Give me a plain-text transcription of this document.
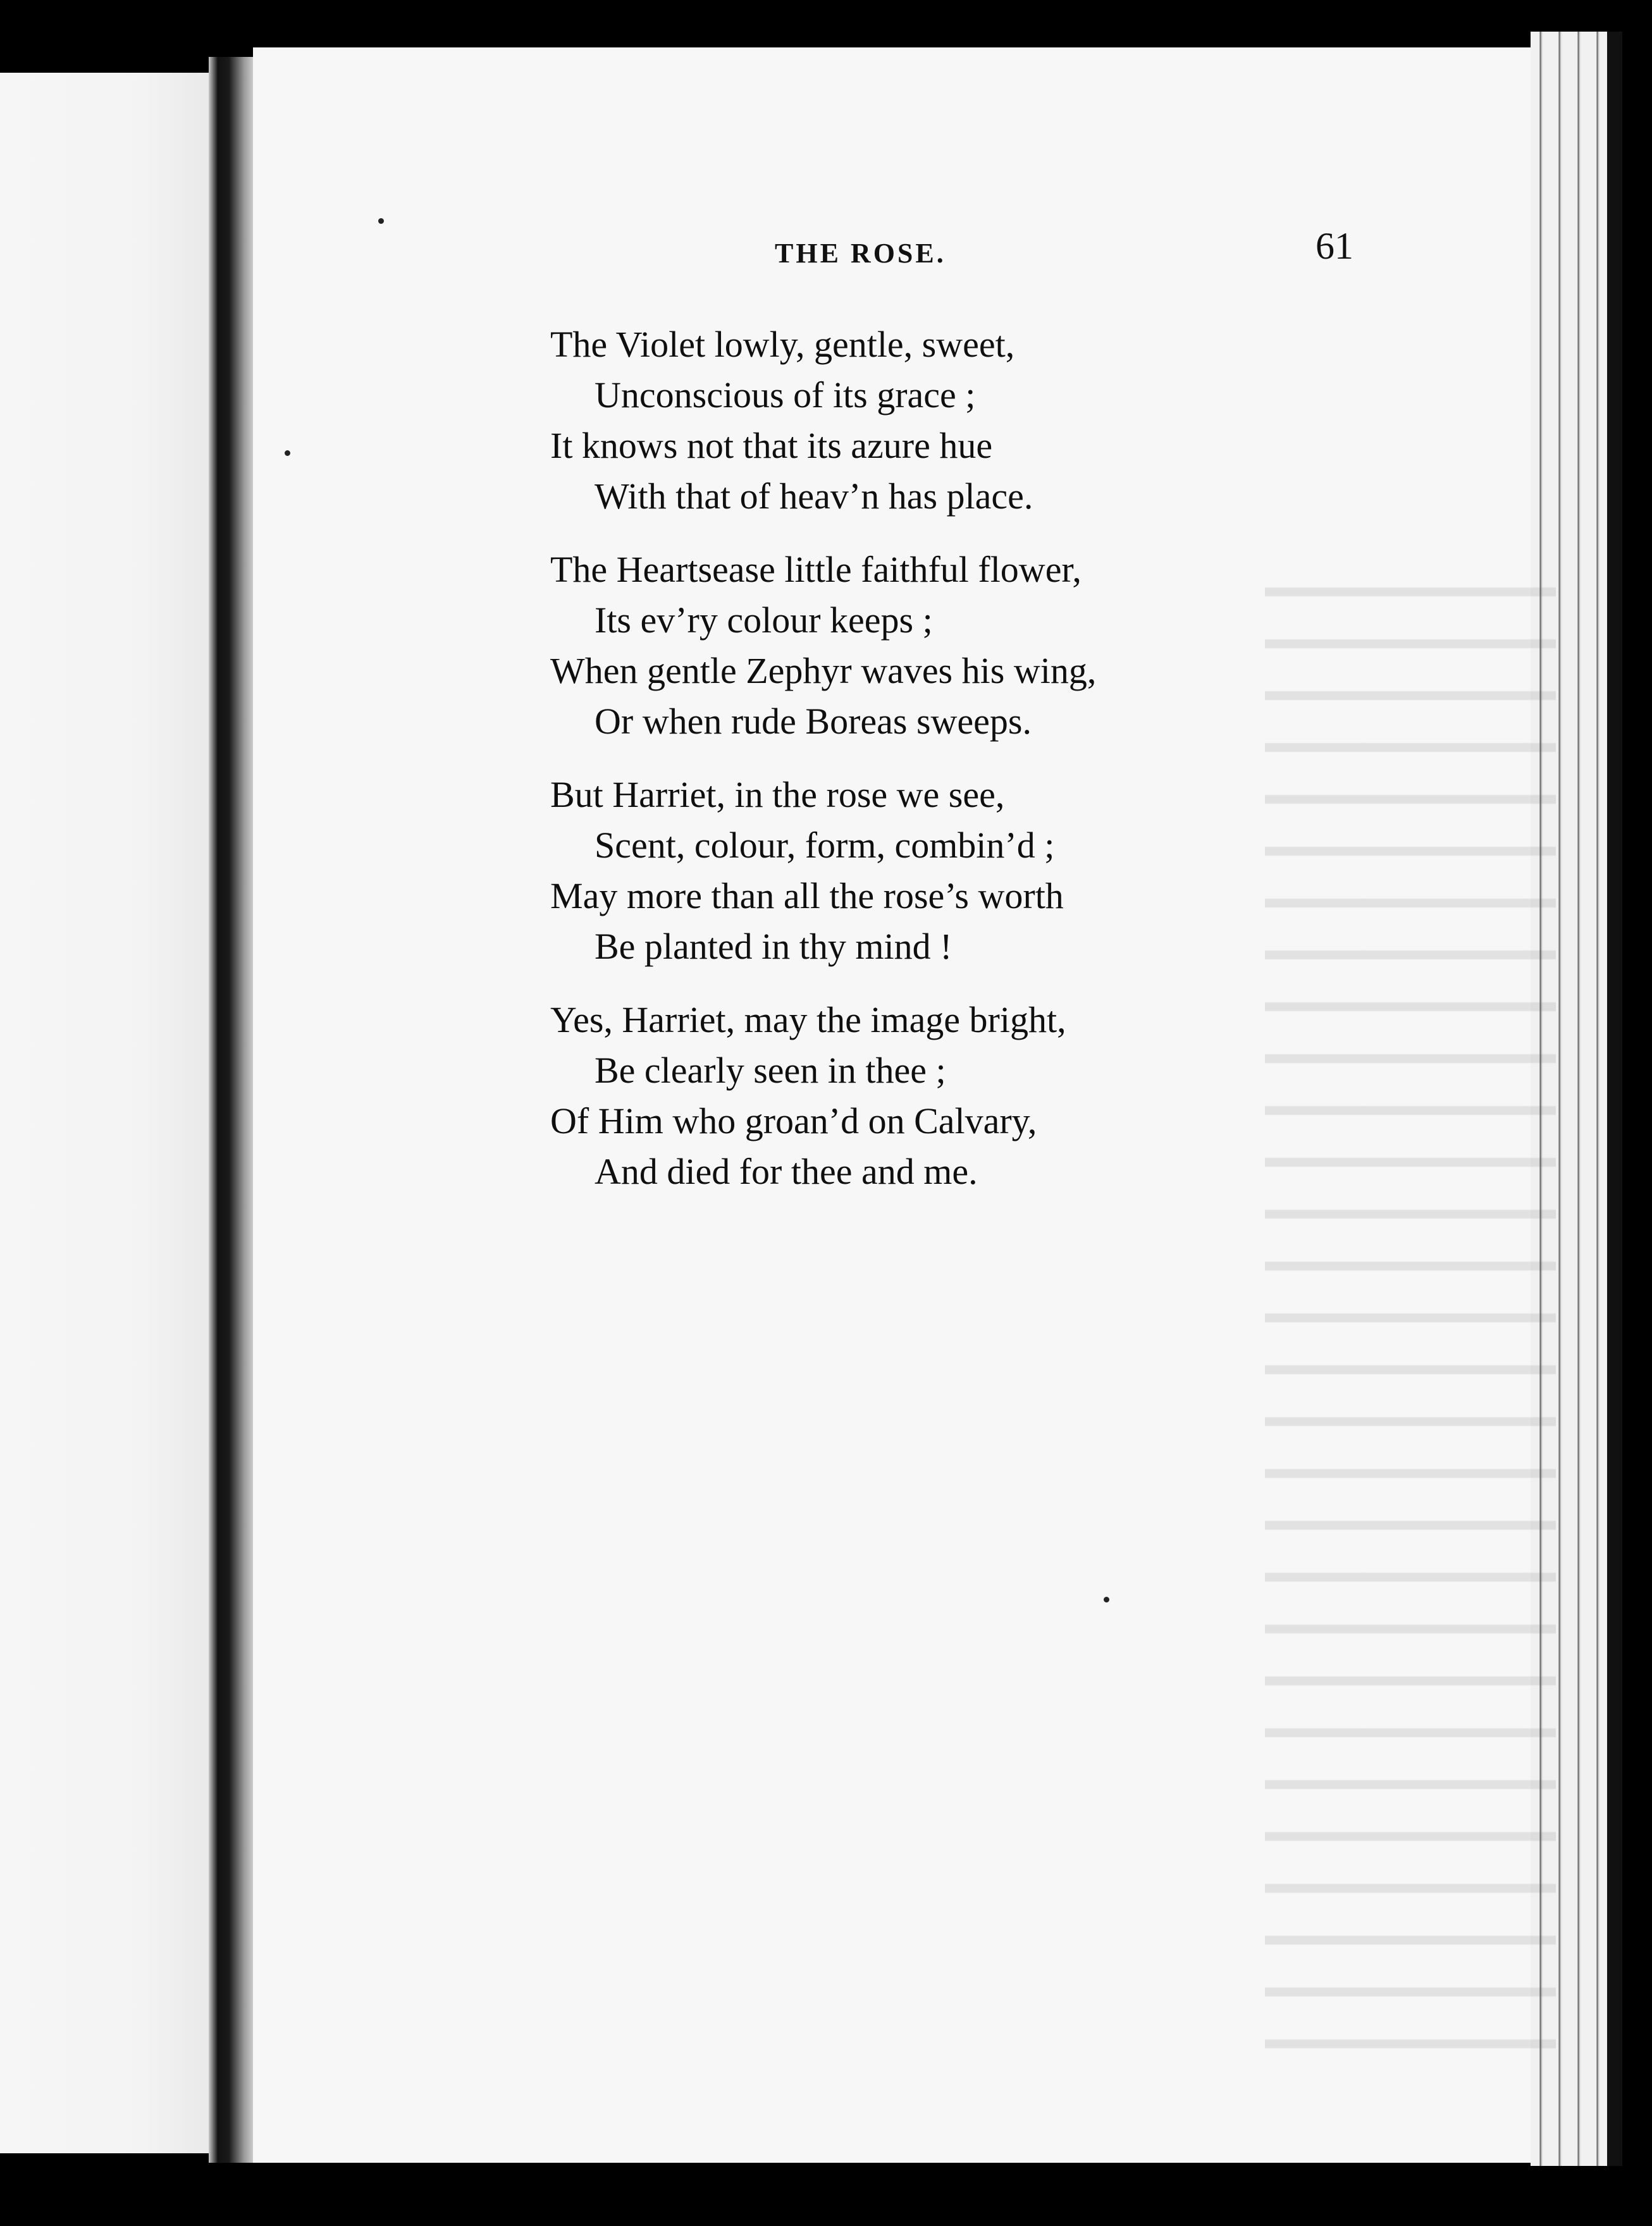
THE ROSE.	61
The Violet lowly, gentle, sweet,
Unconscious of its grace ;
It knows not that its azure hue
With that of heav’n has place.
The Heartsease little faithful flower,
Its ev’ry colour keeps ;
When gentle Zephyr waves his wing,
Or when rude Boreas sweeps.
But Harriet, in the rose we see,
Scent, colour, form, combin’d ;
May more than all the rose’s worth
Be planted in thy mind !
Yes, Harriet, may the image bright,
Be clearly seen in thee ;
Of Him who groan’d on Calvary,
And died for thee and me.
